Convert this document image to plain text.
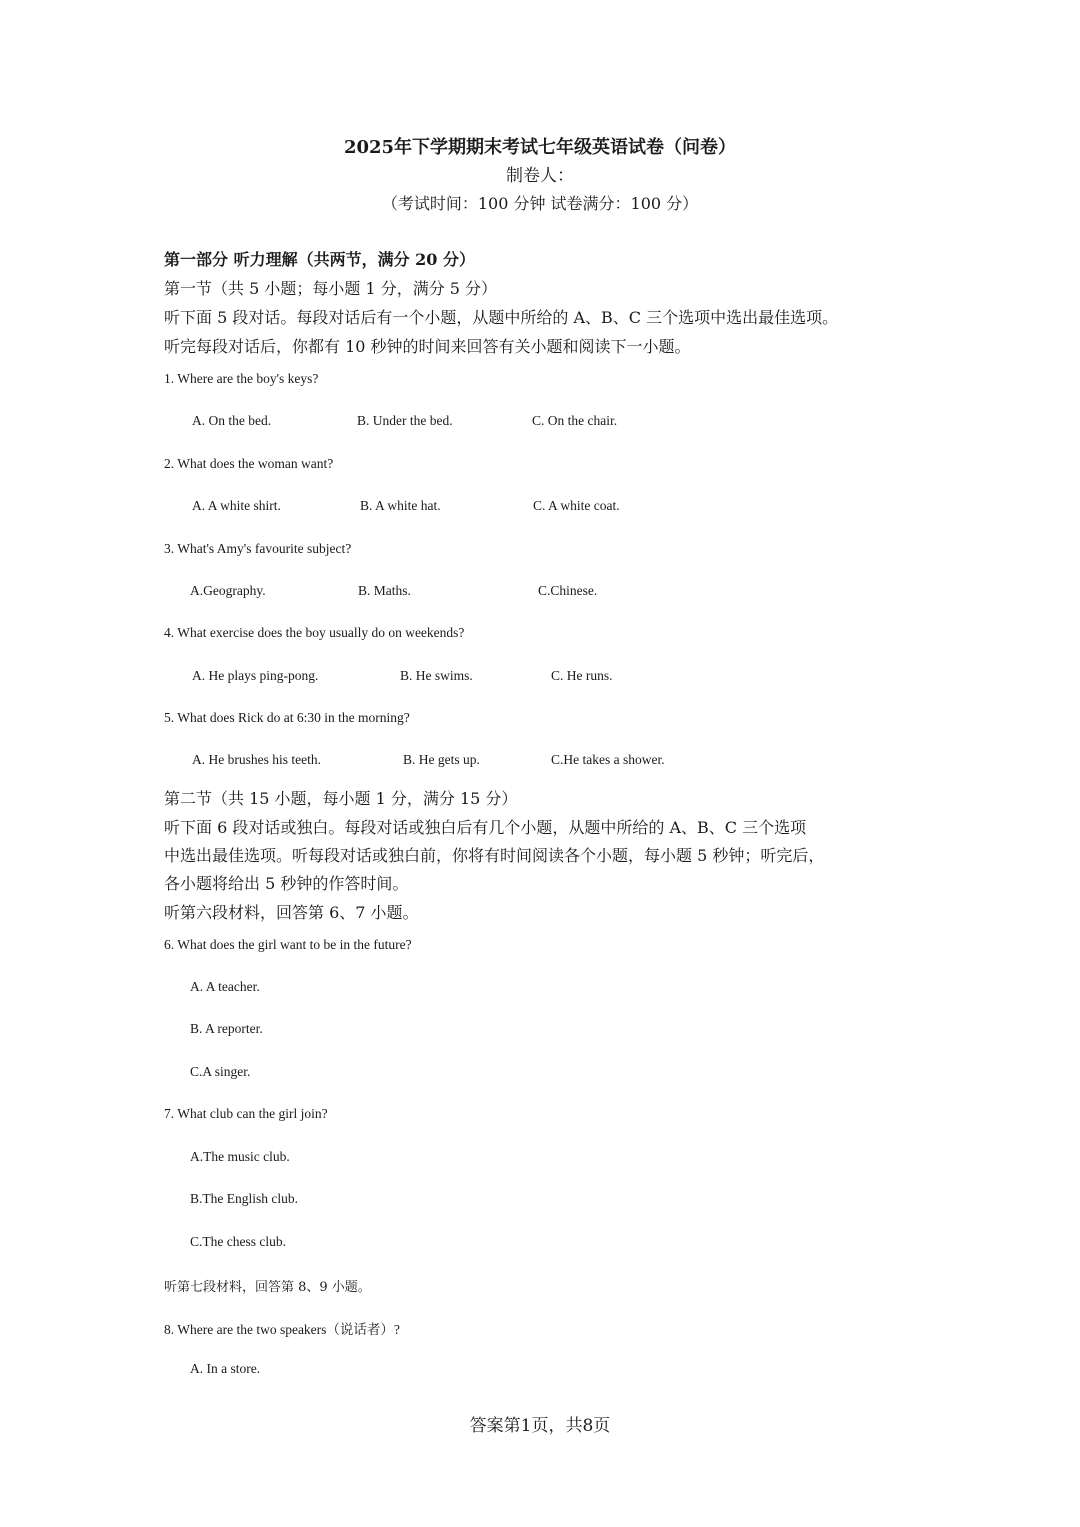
2025年下学期期末考试七年级英语试卷（问卷）
制卷人：
（考试时间：100 分钟 试卷满分：100 分）
第一部分 听力理解（共两节，满分 20 分）
第一节（共 5 小题；每小题 1 分，满分 5 分）
听下面 5 段对话。每段对话后有一个小题，从题中所给的 A、B、C 三个选项中选出最佳选项。
听完每段对话后，你都有 10 秒钟的时间来回答有关小题和阅读下一小题。
1. Where are the boy's keys?
A. On the bed.	B. Under the bed.	C. On the chair.
2. What does the woman want?
A. A white shirt.	B. A white hat.	C. A white coat.
3. What's Amy's favourite subject?
A.Geography.	B. Maths.	C.Chinese.
4. What exercise does the boy usually do on weekends?
A. He plays ping-pong.	B. He swims.	C. He runs.
5. What does Rick do at 6:30 in the morning?
A. He brushes his teeth.	B. He gets up.	C.He takes a shower.
第二节（共 15 小题，每小题 1 分，满分 15 分）
听下面 6 段对话或独白。每段对话或独白后有几个小题，从题中所给的 A、B、C 三个选项
中选出最佳选项。听每段对话或独白前，你将有时间阅读各个小题，每小题 5 秒钟；听完后，
各小题将给出 5 秒钟的作答时间。
听第六段材料，回答第 6、7 小题。
6. What does the girl want to be in the future?
A. A teacher.
B. A reporter.
C.A singer.
7. What club can the girl join?
A.The music club.
B.The English club.
C.The chess club.
听第七段材料，回答第 8、9 小题。
8. Where are the two speakers（说话者）?
A. In a store.
答案第1页，共8页
